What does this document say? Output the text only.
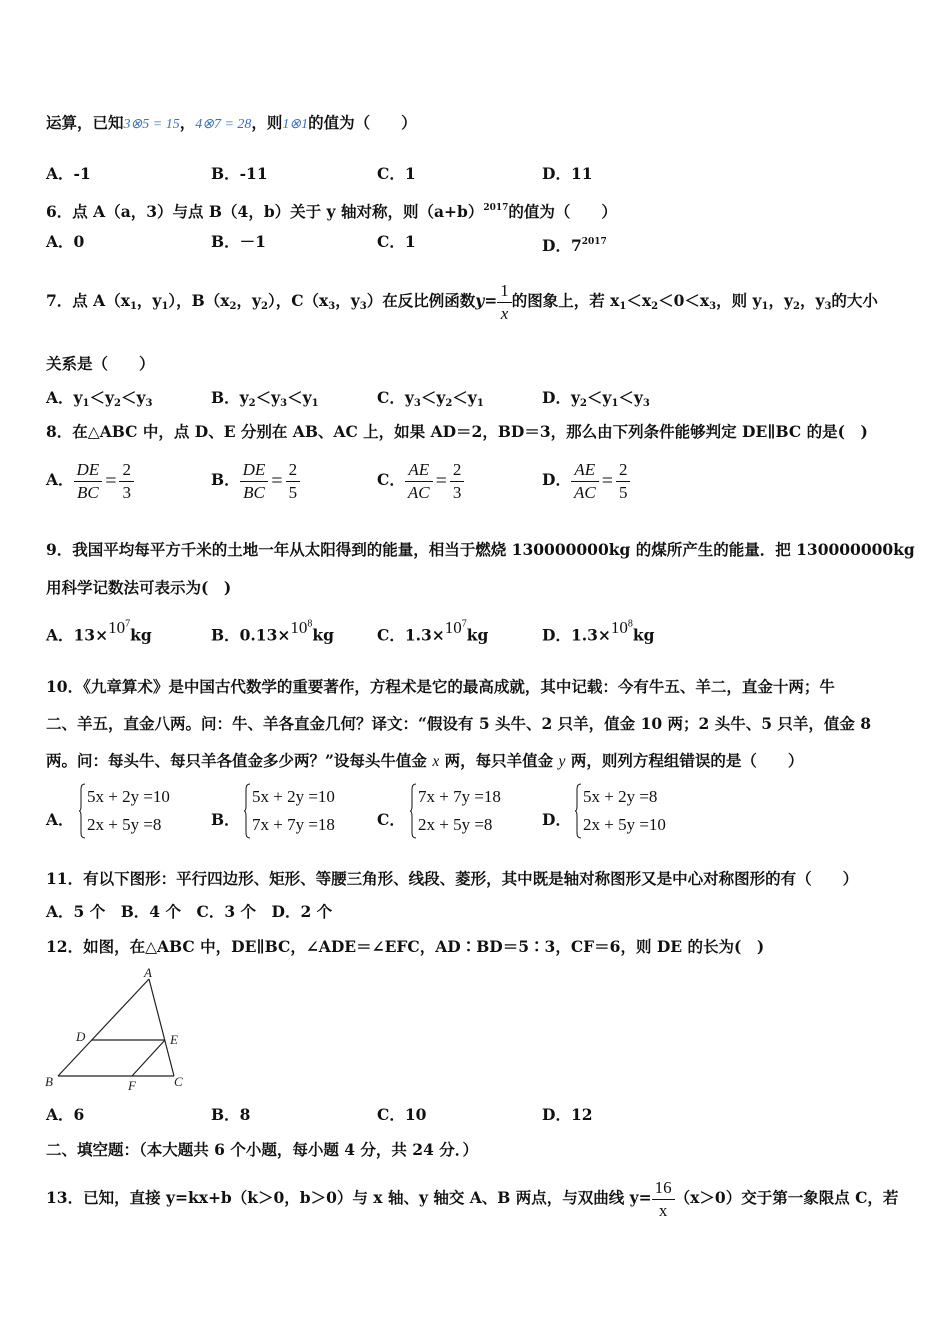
运算，已知3⊗5 = 15，4⊗7 = 28，则1⊗1的值为（　　）
A．-1	B．-11	C．1	D．11
6．点 A（a，3）与点 B（4，b）关于 y 轴对称，则$(a+b)^{2017}$的值为（　　）
A．0	B．－1	C．1	D．$7^{2017}$
7．点 $A(x_1$，$y_1$），$B(x_2$，$y_2$），$C(x_3$，$y_3$）在反比例函数$y= \frac{1}{x}$ 的图象上，若 $x_1<x_2<0<x_3$，则 $y_1$，$y_2$，$y_3$的大小
关系是（　　）
A．$y_1<y_2<y_3$	B．$y_2<y_3<y_1$	C．$y_3<y_2<y_1$	D．$y_2<y_1<y_3$
8．在△ABC 中，点 D、E 分别在 AB、AC 上，如果 AD＝2，BD＝3，那么由下列条件能够判定 DE∥BC 的是(　)
A． $\frac{DE}{BC} = \frac{2}{3}$	B． $\frac{DE}{BC} = \frac{2}{5}$	C． $\frac{AE}{AC} = \frac{2}{3}$	D． $\frac{AE}{AC} = \frac{2}{5}$
9．我国平均每平方千米的土地一年从太阳得到的能量，相当于燃烧 130000000kg 的煤所产生的能量．把 130000000kg
用科学记数法可表示为(　)
A．$13\times 10^7kg$	B．$0.13\times 10^8kg$	C．$1.3\times 10^7kg$	D．$1.3\times 10^8kg$
10．《九章算术》是中国古代数学的重要著作，方程术是它的最高成就，其中记载：今有牛五、羊二，直金十两；牛
二、羊五，直金八两。问：牛、羊各直金几何？译文：“假设有 5 头牛、2 只羊，值金 10 两；2 头牛、5 只羊，值金 8
两。问：每头牛、每只羊各值金多少两？”设每头牛值金 x 两，每只羊值金 y 两，则列方程组错误的是（　　）
A．
5x + 2y =10
2x + 5y =8	B．
5x + 2y =10
7x + 7y =18	C．
7x + 7y =18
2x + 5y =8	D．
5x + 2y =8
2x + 5y =10
11．有以下图形：平行四边形、矩形、等腰三角形、线段、菱形，其中既是轴对称图形又是中心对称图形的有（　　）
A．5 个　B．4 个　C．3 个　D．2 个
12．如图，在△ABC 中，DE∥BC，∠ADE＝∠EFC，AD∶BD＝5∶3，CF＝6，则 DE 的长为(　)
A
D	E
B	F	C
A．6	B．8	C．10	D．12
二、填空题：（本大题共 6 个小题，每小题 4 分，共 24 分．）
13．已知，直接 y=kx+b（k＞0，b＞0）与 x 轴、y 轴交 A、B 两点，与双曲线 $y= \frac{16}{x} (x>0)$交于第一象限点 C，若
